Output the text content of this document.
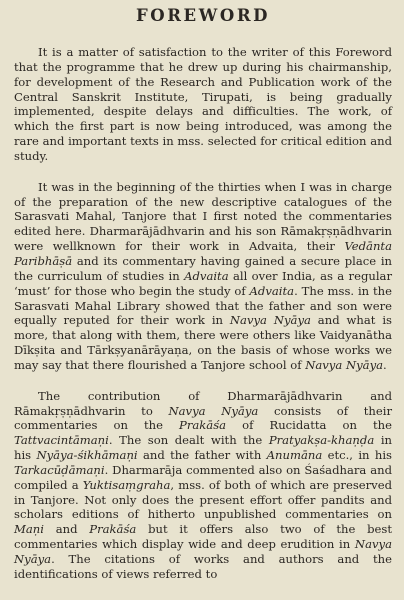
FOREWORD
It is a matter of satisfaction to the writer of this Foreword that the programme that he drew up during his chairmanship, for development of the Research and Publication work of the Central Sanskrit Institute, Tirupati, is being gradually implemented, despite delays and difficulties. The work, of which the first part is now being introduced, was among the rare and important texts in mss. selected for critical edition and study.
It was in the beginning of the thirties when I was in charge of the preparation of the new descriptive catalogues of the Sarasvati Mahal, Tanjore that I first noted the commentaries edited here. Dharmarājādhvarin and his son Rāmakṛṣṇādhvarin were wellknown for their work in Advaita, their Vedānta Paribhāṣā and its commentary having gained a secure place in the curriculum of studies in Advaita all over India, as a regular ‘must’ for those who begin the study of Advaita. The mss. in the Sarasvati Mahal Library showed that the father and son were equally reputed for their work in Navya Nyāya and what is more, that along with them, there were others like Vaidyanātha Dīkṣita and Tārkṣyanārāyaṇa, on the basis of whose works we may say that there flourished a Tanjore school of Navya Nyāya.
The contribution of Dharmarājādhvarin and Rāmakṛṣṇādhvarin to Navya Nyāya consists of their commentaries on the Prakāśa of Rucidatta on the Tattvacintāmaṇi. The son dealt with the Pratyakṣa-khaṇḍa in his Nyāya-śikhāmaṇi and the father with Anumāna etc., in his Tarkacūḍāmaṇi. Dharmarāja commented also on Śaśadhara and compiled a Yuktisaṃgraha, mss. of both of which are preserved in Tanjore. Not only does the present effort offer pandits and scholars editions of hitherto unpublished commentaries on Maṇi and Prakāśa but it offers also two of the best commentaries which display wide and deep erudition in Navya Nyāya. The citations of works and authors and the identifications of views referred to
